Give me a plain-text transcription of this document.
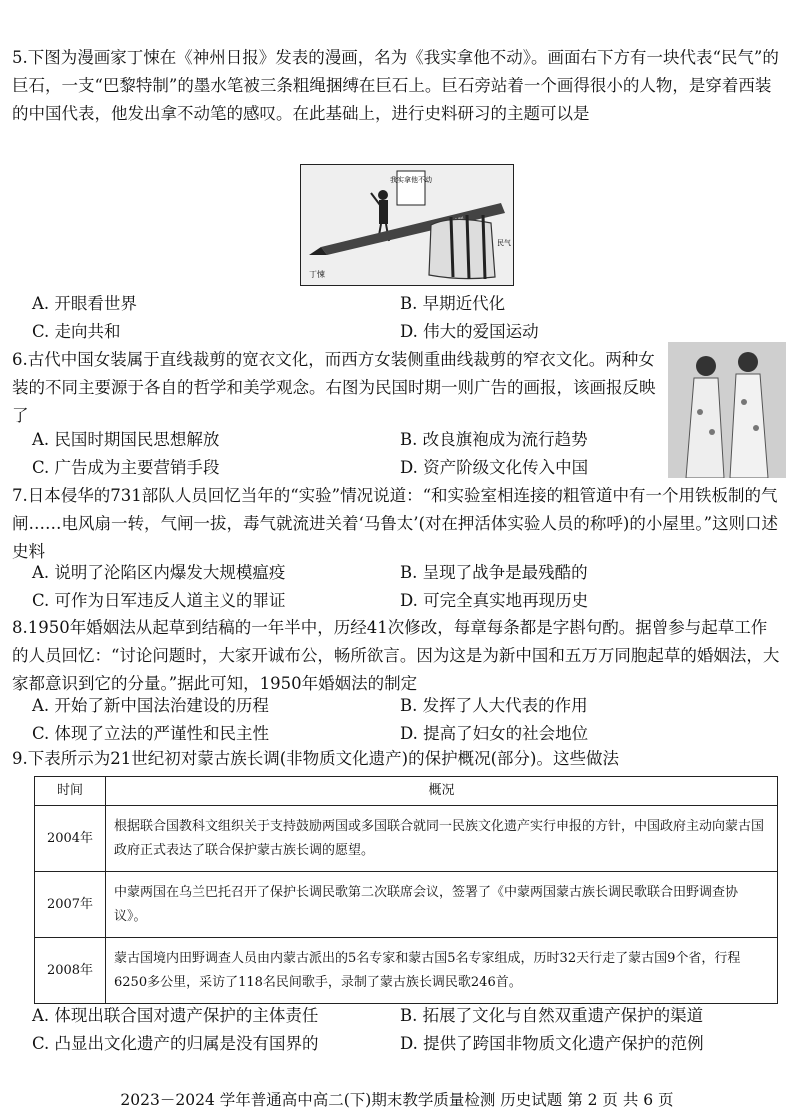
5.下图为漫画家丁悚在《神州日报》发表的漫画，名为《我实拿他不动》。画面右下方有一块代表“民气”的巨石，一支“巴黎特制”的墨水笔被三条粗绳捆缚在巨石上。巨石旁站着一个画得很小的人物，是穿着西装的中国代表，他发出拿不动笔的感叹。在此基础上，进行史料研习的主题可以是

我实拿他不动
民气
丁悚
A. 开眼看世界	B. 早期近代化
C. 走向共和	D. 伟大的爱国运动

6.古代中国女装属于直线裁剪的宽衣文化，而西方女装侧重曲线裁剪的窄衣文化。两种女装的不同主要源于各自的哲学和美学观念。右图为民国时期一则广告的画报，该画报反映了

A. 民国时期国民思想解放	B. 改良旗袍成为流行趋势
C. 广告成为主要营销手段	D. 资产阶级文化传入中国

7.日本侵华的731部队人员回忆当年的“实验”情况说道：“和实验室相连接的粗管道中有一个用铁板制的气闸……电风扇一转，气闸一拔，毒气就流进关着‘马鲁太’(对在押活体实验人员的称呼)的小屋里。”这则口述史料

A. 说明了沦陷区内爆发大规模瘟疫	B. 呈现了战争是最残酷的
C. 可作为日军违反人道主义的罪证	D. 可完全真实地再现历史

8.1950年婚姻法从起草到结稿的一年半中，历经41次修改，每章每条都是字斟句酌。据曾参与起草工作的人员回忆：“讨论问题时，大家开诚布公，畅所欲言。因为这是为新中国和五万万同胞起草的婚姻法，大家都意识到它的分量。”据此可知，1950年婚姻法的制定

A. 开始了新中国法治建设的历程	B. 发挥了人大代表的作用
C. 体现了立法的严谨性和民主性	D. 提高了妇女的社会地位

9.下表所示为21世纪初对蒙古族长调(非物质文化遗产)的保护概况(部分)。这些做法

时间	概况
2004年	根据联合国教科文组织关于支持鼓励两国或多国联合就同一民族文化遗产实行申报的方针，中国政府主动向蒙古国政府正式表达了联合保护蒙古族长调的愿望。
2007年	中蒙两国在乌兰巴托召开了保护长调民歌第二次联席会议，签署了《中蒙两国蒙古族长调民歌联合田野调查协议》。
2008年	蒙古国境内田野调查人员由内蒙古派出的5名专家和蒙古国5名专家组成，历时32天行走了蒙古国9个省，行程6250多公里，采访了118名民间歌手，录制了蒙古族长调民歌246首。
A. 体现出联合国对遗产保护的主体责任	B. 拓展了文化与自然双重遗产保护的渠道
C. 凸显出文化遗产的归属是没有国界的	D. 提供了跨国非物质文化遗产保护的范例
2023－2024 学年普通高中高二(下)期末教学质量检测 历史试题 第 2 页 共 6 页
